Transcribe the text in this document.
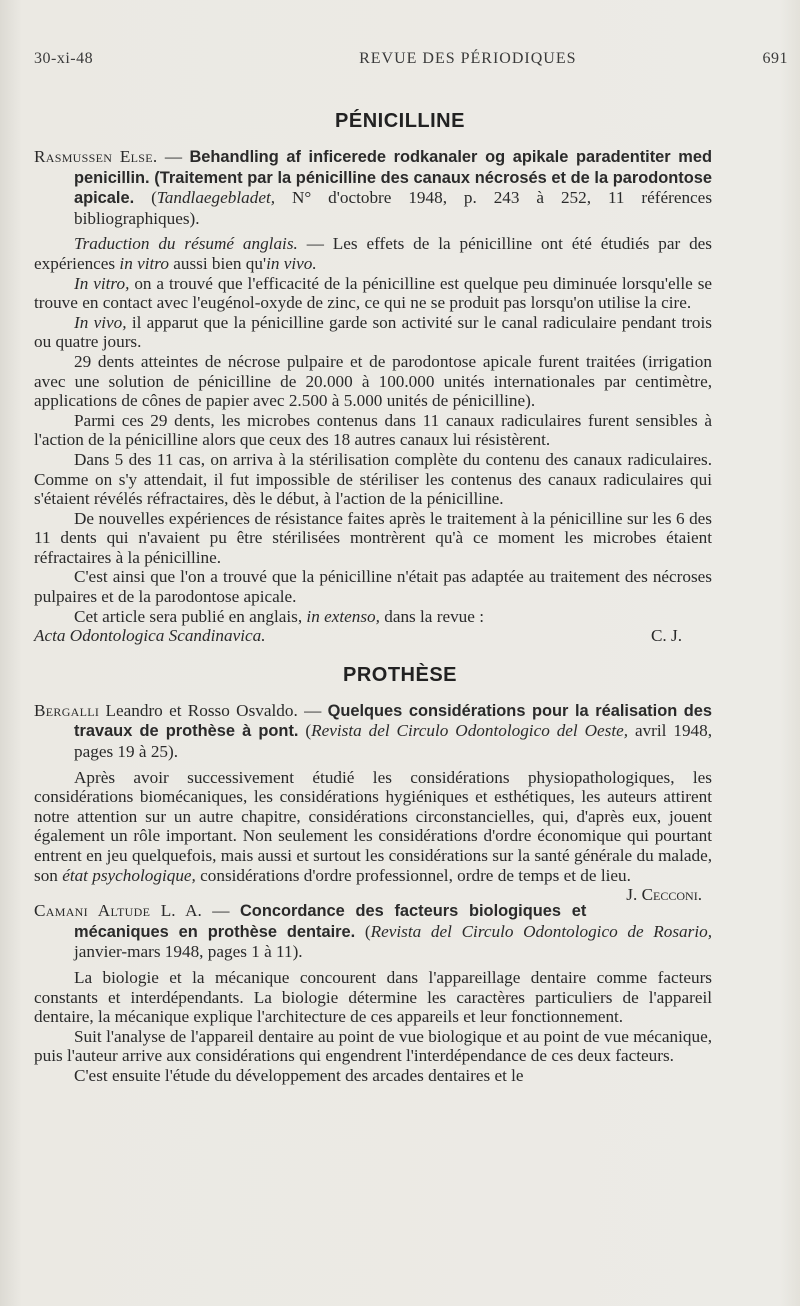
30-xi-48	REVUE DES PÉRIODIQUES	691
PÉNICILLINE

Rasmussen Else. — Behandling af inficerede rodkanaler og apikale paradentiter med penicillin. (Traitement par la pénicilline des canaux nécrosés et de la parodontose apicale. (Tandlaegebladet, N° d'octobre 1948, p. 243 à 252, 11 références bibliographiques).

Traduction du résumé anglais. — Les effets de la pénicilline ont été étudiés par des expériences in vitro aussi bien qu'in vivo.

In vitro, on a trouvé que l'efficacité de la pénicilline est quelque peu diminuée lorsqu'elle se trouve en contact avec l'eugénol-oxyde de zinc, ce qui ne se produit pas lorsqu'on utilise la cire.

In vivo, il apparut que la pénicilline garde son activité sur le canal radiculaire pendant trois ou quatre jours.

29 dents atteintes de nécrose pulpaire et de parodontose apicale furent traitées (irrigation avec une solution de pénicilline de 20.000 à 100.000 unités internationales par centimètre, applications de cônes de papier avec 2.500 à 5.000 unités de pénicilline).

Parmi ces 29 dents, les microbes contenus dans 11 canaux radiculaires furent sensibles à l'action de la pénicilline alors que ceux des 18 autres canaux lui résistèrent.

Dans 5 des 11 cas, on arriva à la stérilisation complète du contenu des canaux radiculaires. Comme on s'y attendait, il fut impossible de stériliser les contenus des canaux radiculaires qui s'étaient révélés réfractaires, dès le début, à l'action de la pénicilline.

De nouvelles expériences de résistance faites après le traitement à la pénicilline sur les 6 des 11 dents qui n'avaient pu être stérilisées montrèrent qu'à ce moment les microbes étaient réfractaires à la pénicilline.

C'est ainsi que l'on a trouvé que la pénicilline n'était pas adaptée au traitement des nécroses pulpaires et de la parodontose apicale.

Cet article sera publié en anglais, in extenso, dans la revue :

Acta Odontologica Scandinavica.	C. J.
PROTHÈSE

Bergalli Leandro et Rosso Osvaldo. — Quelques considérations pour la réalisation des travaux de prothèse à pont. (Revista del Circulo Odontologico del Oeste, avril 1948, pages 19 à 25).

Après avoir successivement étudié les considérations physiopathologiques, les considérations biomécaniques, les considérations hygiéniques et esthétiques, les auteurs attirent notre attention sur un autre chapitre, considérations circonstancielles, qui, d'après eux, jouent également un rôle important. Non seulement les considérations d'ordre économique qui pourtant entrent en jeu quelquefois, mais aussi et surtout les considérations sur la santé générale du malade, son état psychologique, considérations d'ordre professionnel, ordre de temps et de lieu.
J. Cecconi.

Camani Altude L. A. — Concordance des facteurs biologiques et mécaniques en prothèse dentaire. (Revista del Circulo Odontologico de Rosario, janvier-mars 1948, pages 1 à 11).

La biologie et la mécanique concourent dans l'appareillage dentaire comme facteurs constants et interdépendants. La biologie détermine les caractères particuliers de l'appareil dentaire, la mécanique explique l'architecture de ces appareils et leur fonctionnement.

Suit l'analyse de l'appareil dentaire au point de vue biologique et au point de vue mécanique, puis l'auteur arrive aux considérations qui engendrent l'interdépendance de ces deux facteurs.

C'est ensuite l'étude du développement des arcades dentaires et le
